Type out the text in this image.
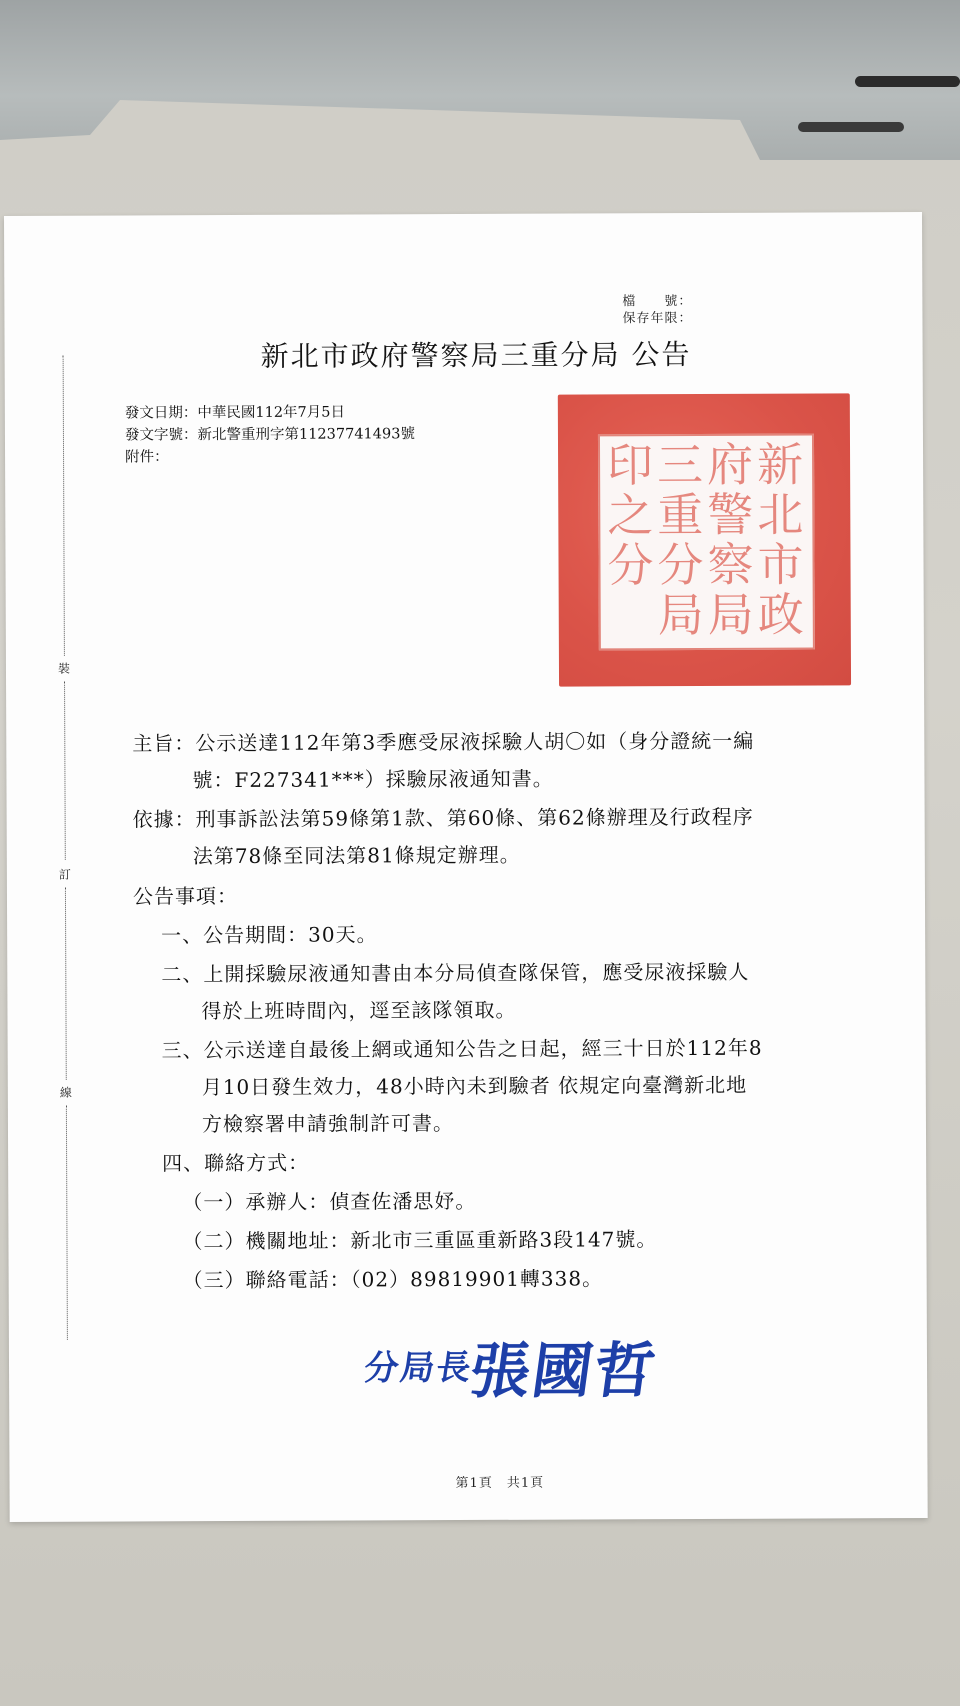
檔　　號：
保存年限：
新北市政府警察局三重分局 公告
發文日期：中華民國112年7月5日
發文字號：新北警重刑字第11237741493號
附件：
裝
訂
線
新
北
市
政
府
警
察
局
三
重
分
局
印
之
分
主旨：公示送達112年第3季應受尿液採驗人胡〇如（身分證統一編
號：F227341***）採驗尿液通知書。
依據：刑事訴訟法第59條第1款、第60條、第62條辦理及行政程序
法第78條至同法第81條規定辦理。
公告事項：
一、公告期間：30天。
二、上開採驗尿液通知書由本分局偵查隊保管，應受尿液採驗人
得於上班時間內，逕至該隊領取。
三、公示送達自最後上網或通知公告之日起，經三十日於112年8
月10日發生效力，48小時內未到驗者 依規定向臺灣新北地
方檢察署申請強制許可書。
四、聯絡方式：
（一）承辦人：偵查佐潘思妤。
（二）機關地址：新北市三重區重新路3段147號。
（三）聯絡電話：（02）89819901轉338。
分局長
張國哲
第1頁　共1頁
